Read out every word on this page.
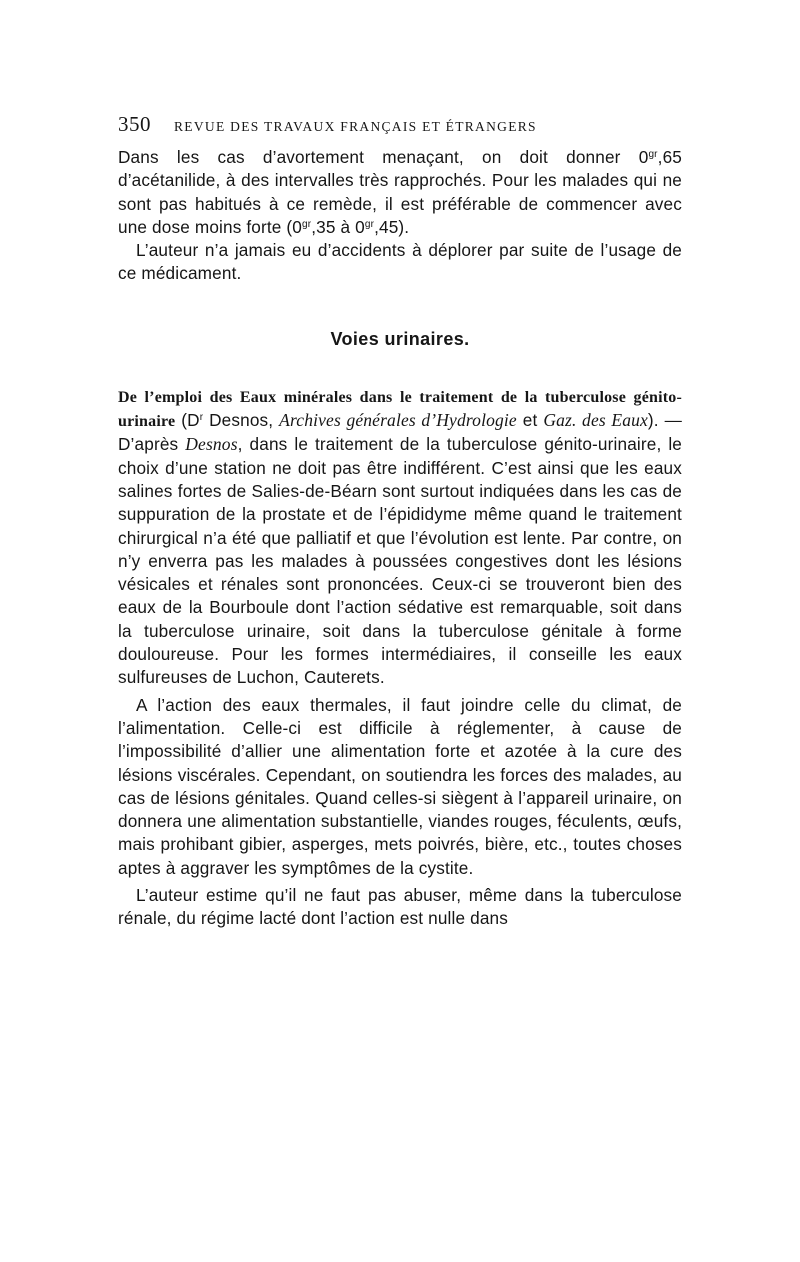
350 REVUE DES TRAVAUX FRANÇAIS ET ÉTRANGERS

Dans les cas d’avortement menaçant, on doit donner $0^{gr},65$ d’acétanilide, à des intervalles très rapprochés. Pour les malades qui ne sont pas habitués à ce remède, il est préférable de commencer avec une dose moins forte ($0^{gr},35$ à $0^{gr},45$).

L’auteur n’a jamais eu d’accidents à déplorer par suite de l’usage de ce médicament.

Voies urinaires.

De l’emploi des Eaux minérales dans le traitement de la tuberculose génito-urinaire ($D^r$ Desnos, Archives générales d’Hydrologie et Gaz. des Eaux). — D’après Desnos, dans le traitement de la tuberculose génito-urinaire, le choix d’une station ne doit pas être indifférent. C’est ainsi que les eaux salines fortes de Salies-de-Béarn sont surtout indiquées dans les cas de suppuration de la prostate et de l’épididyme même quand le traitement chirurgical n’a été que palliatif et que l’évolution est lente. Par contre, on n’y enverra pas les malades à poussées congestives dont les lésions vésicales et rénales sont prononcées. Ceux-ci se trouveront bien des eaux de la Bourboule dont l’action sédative est remarquable, soit dans la tuberculose urinaire, soit dans la tuberculose génitale à forme douloureuse. Pour les formes intermédiaires, il conseille les eaux sulfureuses de Luchon, Cauterets.

A l’action des eaux thermales, il faut joindre celle du climat, de l’alimentation. Celle-ci est difficile à réglementer, à cause de l’impossibilité d’allier une alimentation forte et azotée à la cure des lésions viscérales. Cependant, on soutiendra les forces des malades, au cas de lésions génitales. Quand celles-si siègent à l’appareil urinaire, on donnera une alimentation substantielle, viandes rouges, féculents, œufs, mais prohibant gibier, asperges, mets poivrés, bière, etc., toutes choses aptes à aggraver les symptômes de la cystite.

L’auteur estime qu’il ne faut pas abuser, même dans la tuberculose rénale, du régime lacté dont l’action est nulle dans
